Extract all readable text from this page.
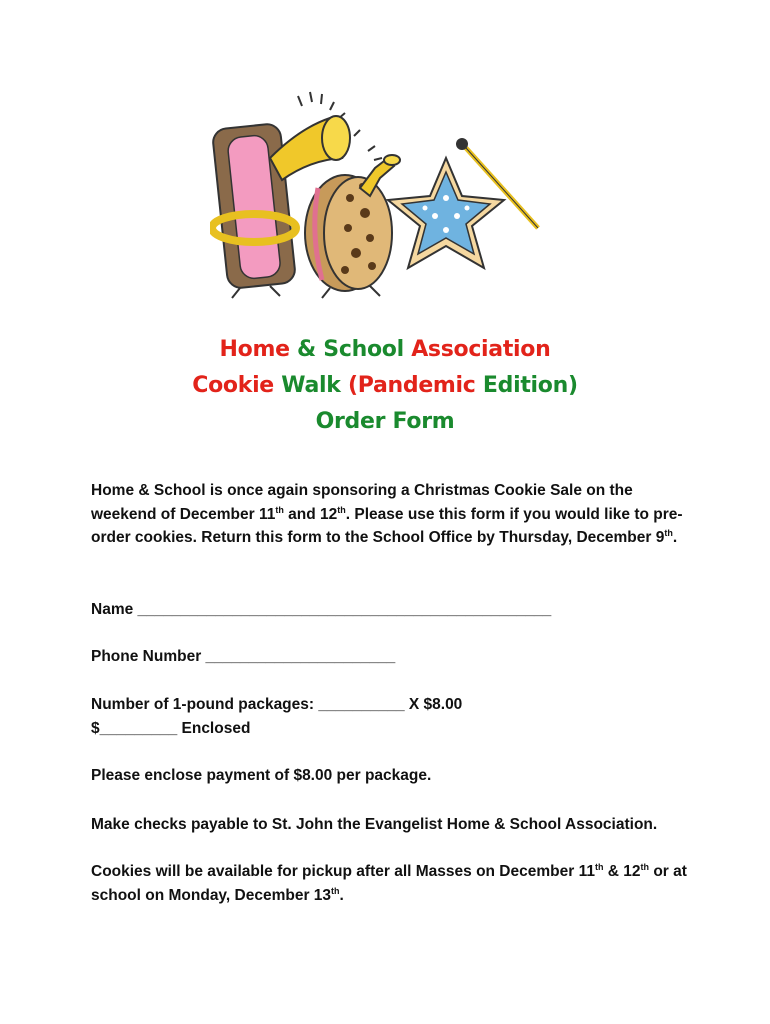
Home & School Association
Cookie Walk (Pandemic Edition)
Order Form
Home & School is once again sponsoring a Christmas Cookie Sale on the weekend of December 11th and 12th. Please use this form if you would like to pre-order cookies. Return this form to the School Office by Thursday, December 9th.
Name ________________________________________________
Phone Number ______________________
Number of 1-pound packages: __________ X $8.00
$_________ Enclosed
Please enclose payment of $8.00 per package.
Make checks payable to St. John the Evangelist Home & School Association.
Cookies will be available for pickup after all Masses on December 11th & 12th or at school on Monday, December 13th.
